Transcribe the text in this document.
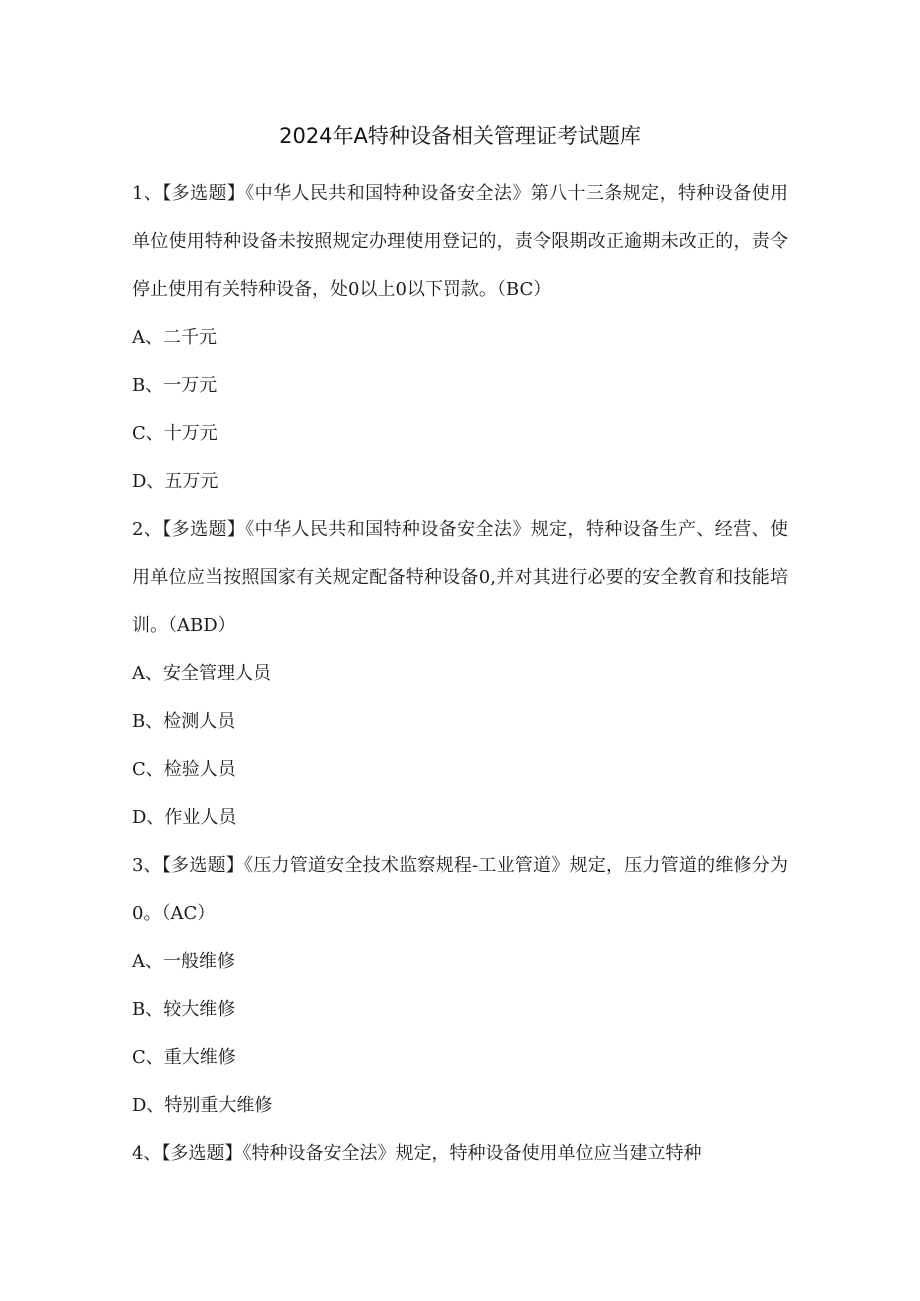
2024年A特种设备相关管理证考试题库

1、【多选题】《中华人民共和国特种设备安全法》第八十三条规定，特种设备使用单位使用特种设备未按照规定办理使用登记的，责令限期改正逾期未改正的，责令停止使用有关特种设备，处0以上0以下罚款。（BC）

A、二千元

B、一万元

C、十万元

D、五万元

2、【多选题】《中华人民共和国特种设备安全法》规定，特种设备生产、经营、使用单位应当按照国家有关规定配备特种设备0,并对其进行必要的安全教育和技能培训。（ABD）

A、安全管理人员

B、检测人员

C、检验人员

D、作业人员

3、【多选题】《压力管道安全技术监察规程-工业管道》规定，压力管道的维修分为0。（AC）

A、一般维修

B、较大维修

C、重大维修

D、特别重大维修

4、【多选题】《特种设备安全法》规定，特种设备使用单位应当建立特种
